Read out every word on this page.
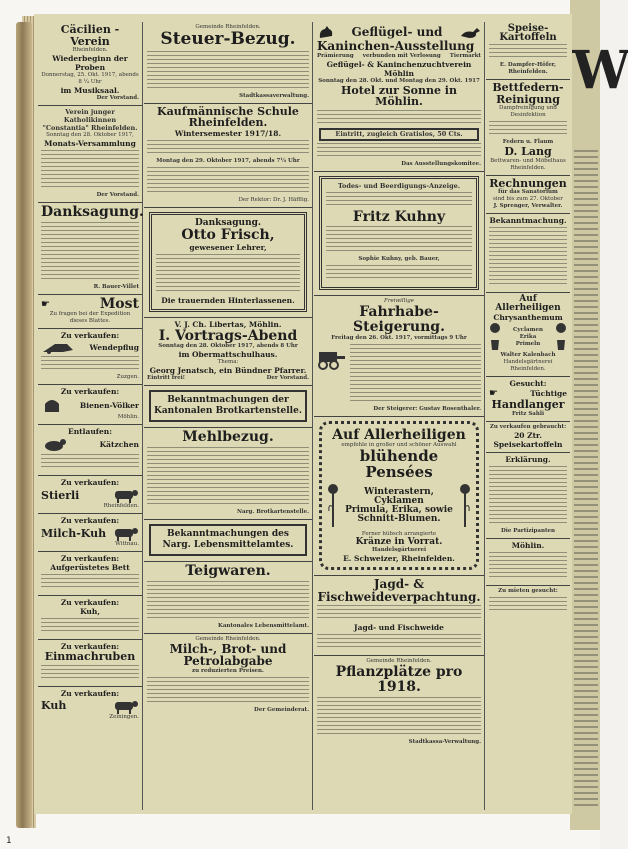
W
Cäcilien - Verein
Rheinfelden.
Wiederbeginn der Proben
Donnerstag, 25. Okt. 1917, abends 8 ¼ Uhr
im Musiksaal.
Der Vorstand.
Verein junger Katholikinnen "Constantia" Rheinfelden.
Sonntag den 28. Oktober 1917,
Monats-Versammlung
Der Vorstand.
Danksagung.
R. Bauer-Villet
☛	Most
Zu fragen bei der Expedition dieses Blattes.
Zu verkaufen:
Wendepflug
Zuzgen.
Zu verkaufen:
Bienen-Völker
Möhlin.
Entlaufen:
Kätzchen
Zu verkaufen:
Stierli
Rheinfelden.
Zu verkaufen:
Milch-Kuh
Wittnau.
Zu verkaufen:
Aufgerüstetes Bett
Zu verkaufen:
Kuh,
Zu verkaufen:
Einmachruben
Zu verkaufen:
Kuh
Zeiningen.
Gemeinde Rheinfelden.
Steuer-Bezug.
Stadtkassaverwaltung.
Kaufmännische Schule Rheinfelden.
Wintersemester 1917/18.
Montag den 29. Oktober 1917, abends 7¼ Uhr
Der Rektor: Dr. J. Häfflig.
Danksagung.
Otto Frisch,
gewesener Lehrer,
Die trauernden Hinterlassenen.
V. J. Ch. Libertas, Möhlin.
I. Vortrags-Abend
Sonntag den 28. Oktober 1917, abends 8 Uhr
im Obermattschulhaus.
Thema:
Georg Jenatsch, ein Bündner Pfarrer.
Eintritt frei!	Der Vorstand.
Bekanntmachungen der Kantonalen Brotkartenstelle.
Mehlbezug.
Narg. Brotkartenstelle.
Bekanntmachungen des Narg. Lebensmittelamtes.
Teigwaren.
Kantonales Lebensmittelamt.
Gemeinde Rheinfelden.
Milch-, Brot- und Petrolabgabe
zu reduzierten Preisen.
Der Gemeinderat.
Geflügel- und
Kaninchen-Ausstellung
Prämierung verbunden mit Verlosung Tiermarkt
Geflügel- & Kaninchenzuchtverein Möhlin
Sonntag den 28. Okt. und Montag den 29. Okt. 1917
Hotel zur Sonne in Möhlin.
Eintritt, zugleich Gratislos, 50 Cts.
Das Ausstellungskomitee.
Todes- und Beerdigungs-Anzeige.
Fritz Kuhny
Sophie Kuhny, geb. Bauer,
Freiwillige
Fahrhabe-Steigerung.
Freitag den 26. Okt. 1917, vormittags 9 Uhr
Der Steigerer: Gustav Rosenthaler.
Auf Allerheiligen
empfehle in großer und schöner Auswahl
blühende Pensées
Winterastern, Cyklamen
Primula, Erika, sowie
Schnitt-Blumen.
Ferner hübsch arrangierte
Kränze in Vorrat.
Handelsgärtnerei
E. Schweizer, Rheinfelden.
Jagd- & Fischweideverpachtung.
Jagd- und Fischweide
Gemeinde Rheinfelden.
Pflanzplätze pro 1918.
Stadtkassa-Verwaltung.
Speise-Kartoffeln
E. Dampfer-Höfer, Rheinfelden.
Bettfedern-Reinigung
Dampfreinigung und Desinfektion
Federn u. Flaum
D. Lang
Bettwaren- und Möbelhaus Rheinfelden.
Rechnungen
für das Sanatorium
sind bis zum 27. Oktober
J. Sprenger, Verwalter.
Bekanntmachung.
Auf Allerheiligen
Chrysanthemum
Cyclamen
Erika
Primeln
Walter Kalenbach
Handelsgärtnerei Rheinfelden.
Gesucht:
☛	Tüchtige
Handlanger
Fritz Sahli
Zu verkaufen gebraucht:
20 Ztr. Speisekartoffeln
Erklärung.
Die Partizipanten
Möhlin.
Zu mieten gesucht:
1
